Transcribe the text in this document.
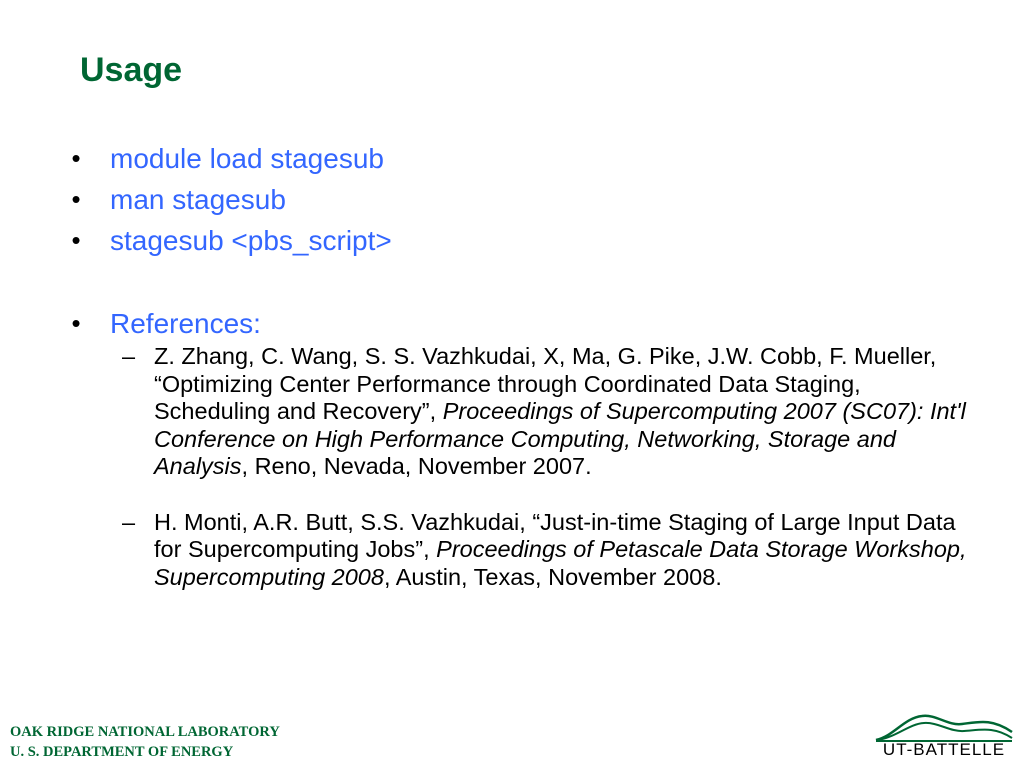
Usage
• module load stagesub
• man stagesub
• stagesub <pbs_script>
• References:
– Z. Zhang, C. Wang, S. S. Vazhkudai, X, Ma, G. Pike, J.W. Cobb, F. Mueller, “Optimizing Center Performance through Coordinated Data Staging, Scheduling and Recovery”, Proceedings of Supercomputing 2007 (SC07): Int'l Conference on High Performance Computing, Networking, Storage and Analysis, Reno, Nevada, November 2007.
– H. Monti, A.R. Butt, S.S. Vazhkudai, “Just-in-time Staging of Large Input Data for Supercomputing Jobs”, Proceedings of Petascale Data Storage Workshop, Supercomputing 2008, Austin, Texas, November 2008.
OAK RIDGE NATIONAL LABORATORY
U. S. DEPARTMENT OF ENERGY	UT-BATTELLE
